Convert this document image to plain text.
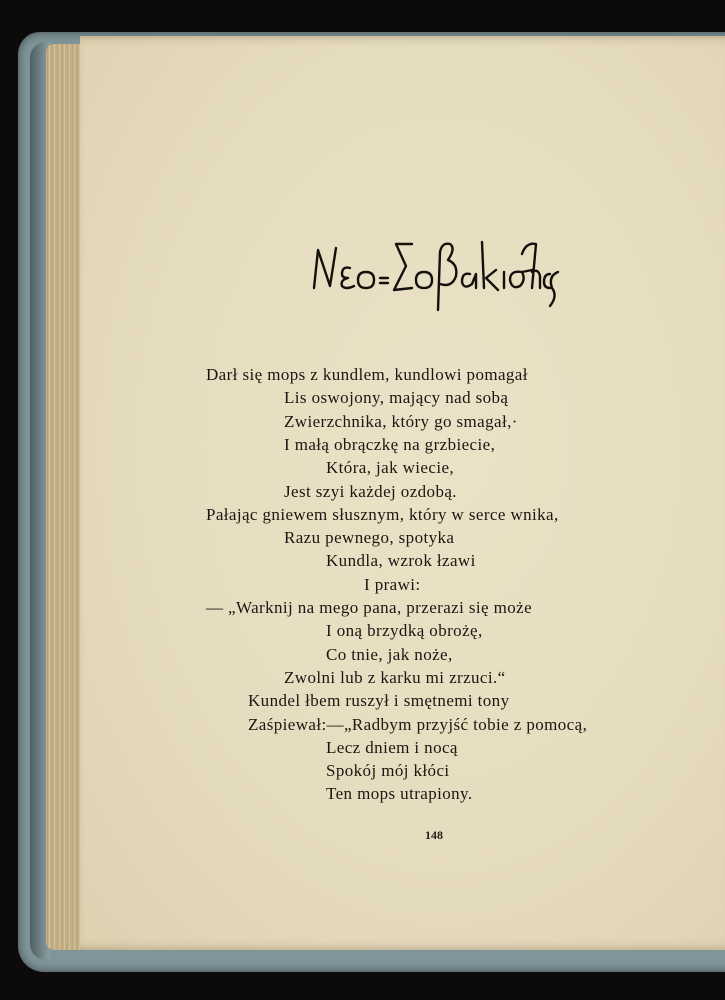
Darł się mops z kundlem, kundlowi pomagał
Lis oswojony, mający nad sobą
Zwierzchnika, który go smagał,·
I małą obrączkę na grzbiecie,
Która, jak wiecie,
Jest szyi każdej ozdobą.
Pałając gniewem słusznym, który w serce wnika,
Razu pewnego, spotyka
Kundla, wzrok łzawi
I prawi:
— „Warknij na mego pana, przerazi się może
I oną brzydką obrożę,
Co tnie, jak noże,
Zwolni lub z karku mi zrzuci.“
Kundel łbem ruszył i smętnemi tony
Zaśpiewał:—„Radbym przyjść tobie z pomocą,
Lecz dniem i nocą
Spokój mój kłóci
Ten mops utrapiony.
148
